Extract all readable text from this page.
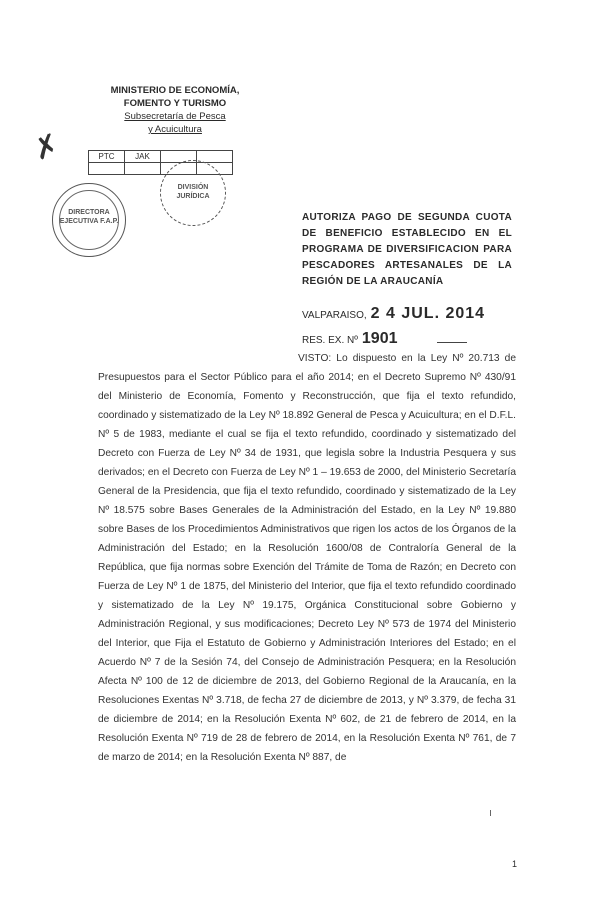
✗
MINISTERIO DE ECONOMÍA,
FOMENTO Y TURISMO
Subsecretaría de Pesca
y Acuicultura
PTC	JAK		

DIRECTORA EJECUTIVA F.A.P.
DIVISIÓN JURÍDICA
AUTORIZA PAGO DE SEGUNDA CUOTA DE BENEFICIO ESTABLECIDO EN EL PROGRAMA DE DIVERSIFICACION PARA PESCADORES ARTESANALES DE LA REGIÓN DE LA ARAUCANÍA
VALPARAISO, 2 4 JUL. 2014
RES. EX. Nº 1901
VISTO: Lo dispuesto en la Ley Nº 20.713 de Presupuestos para el Sector Público para el año 2014; en el Decreto Supremo Nº 430/91 del Ministerio de Economía, Fomento y Reconstrucción, que fija el texto refundido, coordinado y sistematizado de la Ley Nº 18.892 General de Pesca y Acuicultura; en el D.F.L. Nº 5 de 1983, mediante el cual se fija el texto refundido, coordinado y sistematizado del Decreto con Fuerza de Ley Nº 34 de 1931, que legisla sobre la Industria Pesquera y sus derivados; en el Decreto con Fuerza de Ley Nº 1 – 19.653 de 2000, del Ministerio Secretaría General de la Presidencia, que fija el texto refundido, coordinado y sistematizado de la Ley Nº 18.575 sobre Bases Generales de la Administración del Estado, en la Ley Nº 19.880 sobre Bases de los Procedimientos Administrativos que rigen los actos de los Órganos de la Administración del Estado; en la Resolución 1600/08 de Contraloría General de la República, que fija normas sobre Exención del Trámite de Toma de Razón; en Decreto con Fuerza de Ley Nº 1 de 1875, del Ministerio del Interior, que fija el texto refundido coordinado y sistematizado de la Ley Nº 19.175, Orgánica Constitucional sobre Gobierno y Administración Regional, y sus modificaciones; Decreto Ley Nº 573 de 1974 del Ministerio del Interior, que Fija el Estatuto de Gobierno y Administración Interiores del Estado; en el Acuerdo Nº 7 de la Sesión 74, del Consejo de Administración Pesquera; en la Resolución Afecta Nº 100 de 12 de diciembre de 2013, del Gobierno Regional de la Araucanía, en la Resoluciones Exentas Nº 3.718, de fecha 27 de diciembre de 2013, y Nº 3.379, de fecha 31 de diciembre de 2014; en la Resolución Exenta Nº 602, de 21 de febrero de 2014, en la Resolución Exenta Nº 719 de 28 de febrero de 2014, en la Resolución Exenta Nº 761, de 7 de marzo de 2014; en la Resolución Exenta Nº 887, de
1
